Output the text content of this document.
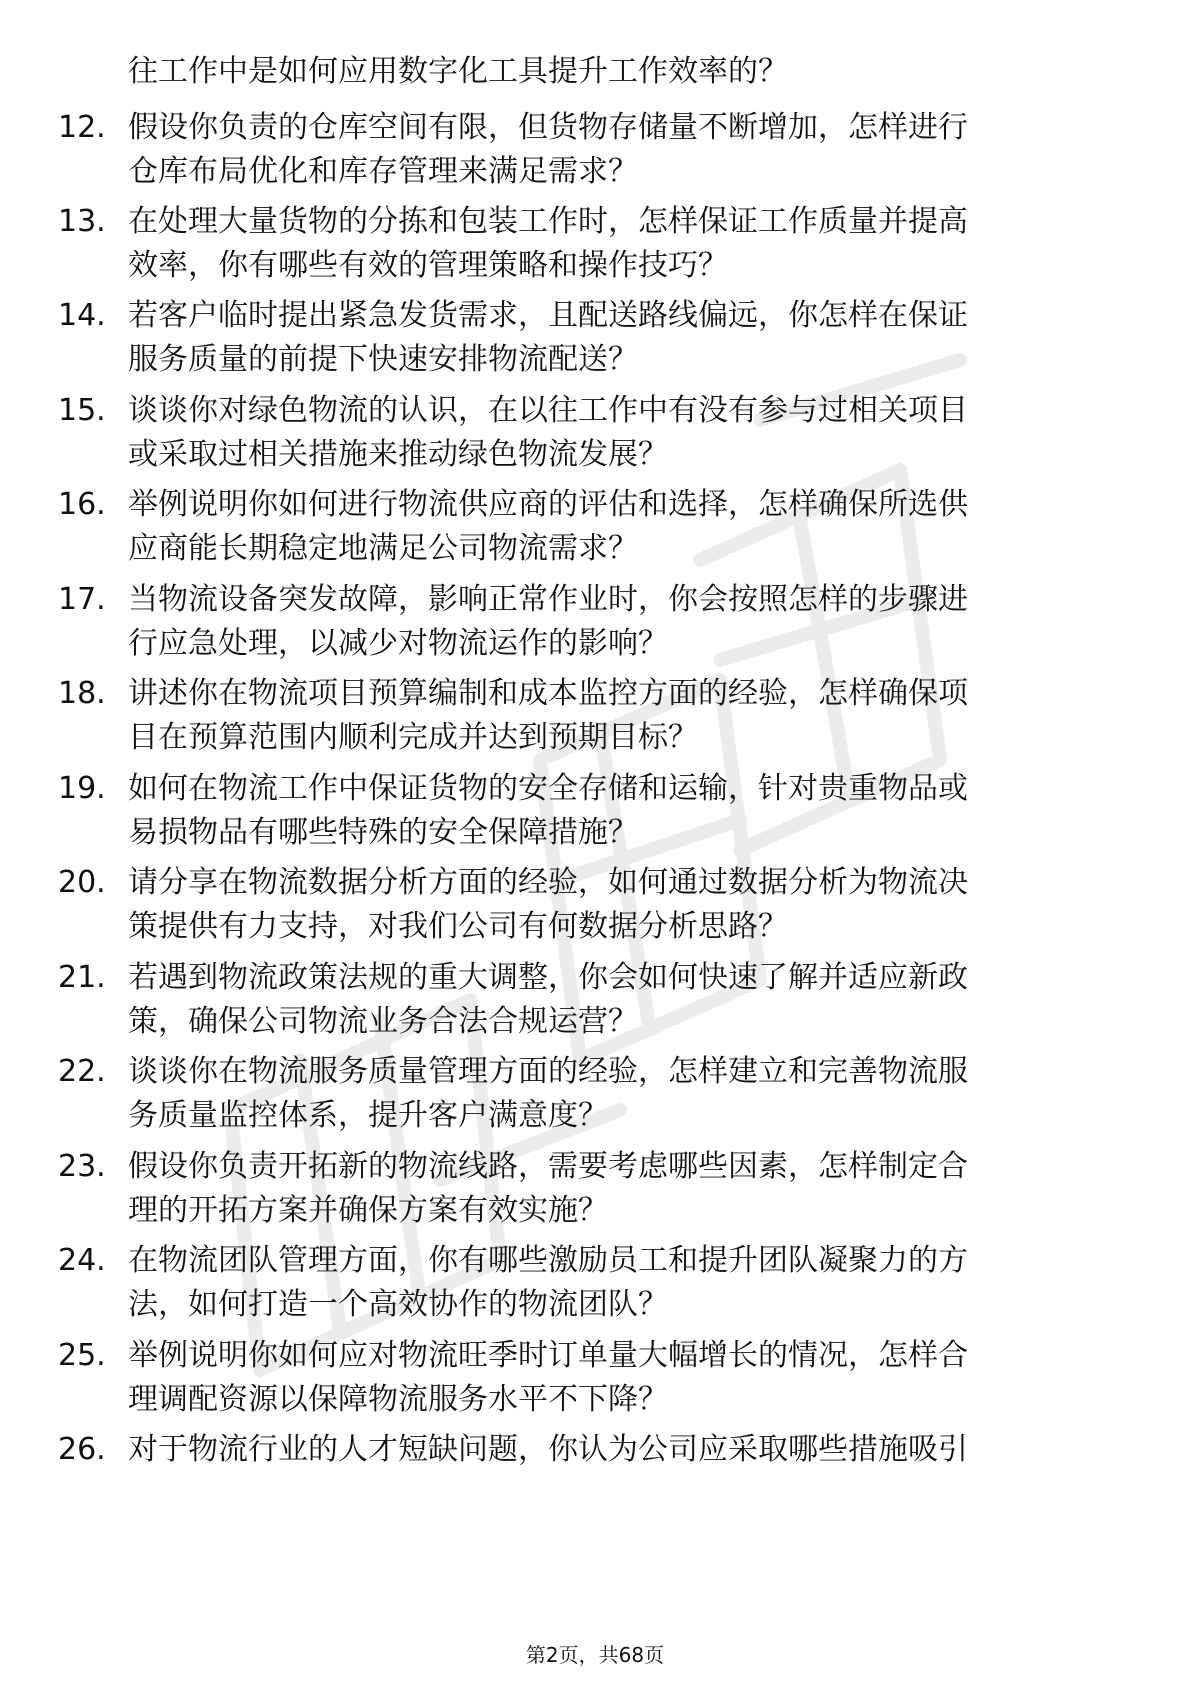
往工作中是如何应用数字化工具提升工作效率的？
12. 假设你负责的仓库空间有限，但货物存储量不断增加，怎样进行
仓库布局优化和库存管理来满足需求？
13. 在处理大量货物的分拣和包装工作时，怎样保证工作质量并提高
效率，你有哪些有效的管理策略和操作技巧？
14. 若客户临时提出紧急发货需求，且配送路线偏远，你怎样在保证
服务质量的前提下快速安排物流配送？
15. 谈谈你对绿色物流的认识，在以往工作中有没有参与过相关项目
或采取过相关措施来推动绿色物流发展？
16. 举例说明你如何进行物流供应商的评估和选择，怎样确保所选供
应商能长期稳定地满足公司物流需求？
17. 当物流设备突发故障，影响正常作业时，你会按照怎样的步骤进
行应急处理，以减少对物流运作的影响？
18. 讲述你在物流项目预算编制和成本监控方面的经验，怎样确保项
目在预算范围内顺利完成并达到预期目标？
19. 如何在物流工作中保证货物的安全存储和运输，针对贵重物品或
易损物品有哪些特殊的安全保障措施？
20. 请分享在物流数据分析方面的经验，如何通过数据分析为物流决
策提供有力支持，对我们公司有何数据分析思路？
21. 若遇到物流政策法规的重大调整，你会如何快速了解并适应新政
策，确保公司物流业务合法合规运营？
22. 谈谈你在物流服务质量管理方面的经验，怎样建立和完善物流服
务质量监控体系，提升客户满意度？
23. 假设你负责开拓新的物流线路，需要考虑哪些因素，怎样制定合
理的开拓方案并确保方案有效实施？
24. 在物流团队管理方面，你有哪些激励员工和提升团队凝聚力的方
法，如何打造一个高效协作的物流团队？
25. 举例说明你如何应对物流旺季时订单量大幅增长的情况，怎样合
理调配资源以保障物流服务水平不下降？
26. 对于物流行业的人才短缺问题，你认为公司应采取哪些措施吸引
第2页，共68页
